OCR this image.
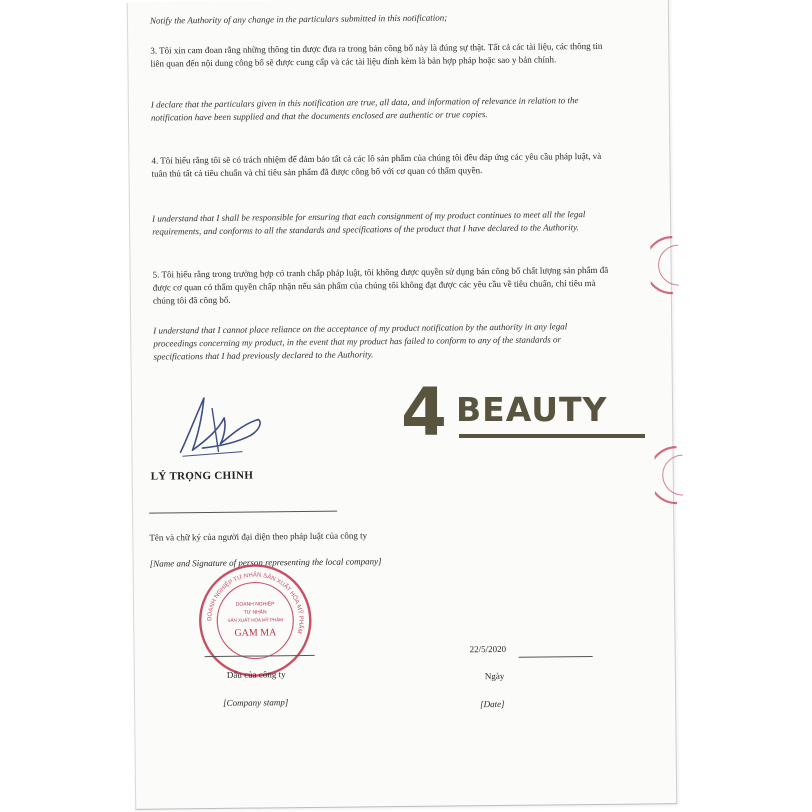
Notify the Authority of any change in the particulars submitted in this notification;
3. Tôi xin cam đoan rằng những thông tin được đưa ra trong bản công bố này là đúng sự thật. Tất cả các tài liệu, các thông tin liên quan đến nội dung công bố sẽ được cung cấp và các tài liệu đính kèm là bản hợp pháp hoặc sao y bản chính.
I declare that the particulars given in this notification are true, all data, and information of relevance in relation to the notification have been supplied and that the documents enclosed are authentic or true copies.
4. Tôi hiểu rằng tôi sẽ có trách nhiệm để đảm bảo tất cả các lô sản phẩm của chúng tôi đều đáp ứng các yêu cầu pháp luật, và tuân thủ tất cả tiêu chuẩn và chỉ tiêu sản phẩm đã được công bố với cơ quan có thẩm quyền.
I understand that I shall be responsible for ensuring that each consignment of my product continues to meet all the legal requirements, and conforms to all the standards and specifications of the product that I have declared to the Authority.
5. Tôi hiểu rằng trong trường hợp có tranh chấp pháp luật, tôi không được quyền sử dụng bản công bố chất lượng sản phẩm đã được cơ quan có thẩm quyền chấp nhận nếu sản phẩm của chúng tôi không đạt được các yêu cầu về tiêu chuẩn, chỉ tiêu mà chúng tôi đã công bố.
I understand that I cannot place reliance on the acceptance of my product notification by the authority in any legal proceedings concerning my product, in the event that my product has failed to conform to any of the standards or specifications that I had previously declared to the Authority.
LÝ TRỌNG CHINH
Tên và chữ ký của người đại diện theo pháp luật của công ty
[Name and Signature of person representing the local company]
DOANH NGHIỆP TƯ NHÂN SẢN XUẤT HÓA MỸ PHẨM
DOANH NGHIỆP
TƯ NHÂN
SẢN XUẤT HÓA MỸ PHẨM
GAM MA
Dấu của công ty
[Company stamp]
22/5/2020
Ngày
[Date]
4 BEAUTY
